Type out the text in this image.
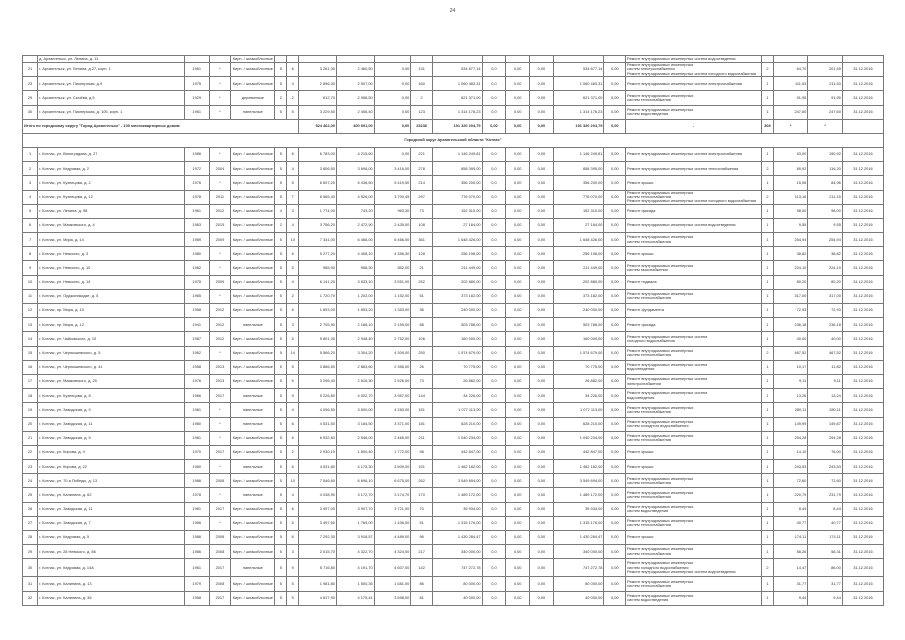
24
	д. Архангельск, ул. Ленина, д. 11			Кирп. / шлакоблочные													Ремонт внутридомовых инженерных систем водоотведения				
21	г. Архангельск, ул. Ленина, д.27, корп. 1	1961	*	Кирп. / шлакоблочные	5	6	3 261,30	2 460,50	0,00	131	534 877,14	0,0	0,00	0,00	534 877,14	0,00	Ремонт внутридомовых инженерных
систем электроснабжения
Ремонт внутридомовых инженерных систем холодного водоснабжения	2	64,70	201,45	31.12.2016
23	г. Архангельск, ул. Пионерская, д.9	1975	*	Кирп. / шлакоблочные	5	4	2 896,30	2 507,00	0,00	160	1 060 483,31	0,0	0,00	0,00	1 060 483,31	0,00	Ремонт внутридомовых инженерных систем электроснабжения	1	111,53	211,53	31.12.2016
29	г. Архангельск, ул. Сычёва, д.5	1929	*	деревянные	2	2	612,70	2 958,50	0,00	2	621 371,00	0,0	0,00	0,00	621 371,00	0,00	Ремонт внутридомовых инженерных
систем теплоснабжения	1	91,95	91,95	31.12.2016
30	г. Архангельск, ул. Пионерская, д. 105, корп. 1	1961	*	панельные	5	5	3 229,50	2 456,40	0,00	123	1 314 176,23	0,0	0,00	0,00	1 314 176,23	0,00	Ремонт внутридомовых инженерных
систем водоотведения	1	247,60	247,60	31.12.2016
Итого по городскому округу "Город Архангельск" - 100 многоквартирных домов:							524 462,00	400 691,00	0,00	23236	191 320 204,79	0,00	0,00	0,00	191 320 204,79	0,00	-	308	*	*	
Городской округ Архангельской области "Котлас"																					
1	г. Котлас, ул. Виноградова, д. 27	1986	*	Кирп. / шлакоблочные	5	6	6 783,00	4 215,60	0,00	221	1 146 249,81	0,0	0,00	0,00	1 146 249,81	0,00	Ремонт внутридомовых инженерных систем электроснабжения	1	93,00	190,92	31.12.2016
2	г. Котлас, ул. Кедровая, д. 2	1972	2004	Кирп. / шлакоблочные	5	4	3 806,50	3 698,00	3 416,00	278	858 395,00	0,0	0,00	0,00	858 395,00	0,00	Ремонт внутридомовых инженерных систем теплоснабжения	2	89,92	116,20	31.12.2016
3	г. Котлас, ул. Кузнецова, д. 2	1976	*	Кирп. / шлакоблочные	5	5	6 507,20	5 436,50	5 419,50	214	356 200,00	0,0	0,00	0,00	356 200,00	0,00	Ремонт крыши	1	15,08	84,96	31.12.2016
4	г. Котлас, ул. Кузнецова, д. 12	1978	2011	Кирп. / шлакоблочные	5	7	6 565,40	4 526,00	3 700,45	297	776 070,00	0,0	0,00	0,00	776 070,00	0,00	Ремонт внутридомовых инженерных
систем теплоснабжения
Ремонт внутридомовых инженерных систем холодного водоснабжения	2	113,16	211,15	31.12.2016
5	г. Котлас, ул. Ленина, д. 98	1961	2012	Кирп. / шлакоблочные	4	3	1 774,00	743,20	963,30	73	152 310,00	0,0	0,00	0,00	152 310,00	0,00	Ремонт фасада	1	98,00	98,00	31.12.2016
6	г. Котлас, ул. Маяковского, д. 4	1963	2015	Кирп. / шлакоблочные	2	4	3 756,20	2 472,90	2 435,00	108	27 164,00	0,0	0,00	0,00	27 164,00	0,00	Ремонт внутридомовых инженерных систем водоотведения	1	9,55	9,55	31.12.2016
7	г. Котлас, ул. Мира, д. 14	1989	2009	Кирп. / шлакоблочные	5	10	7 341,00	6 466,00	6 466,00	361	1 648 426,00	0,0	0,00	0,00	1 648 426,00	0,00	Ремонт внутридомовых инженерных
систем теплоснабжения	1	254,94	254,94	31.12.2016
8	г. Котлас, ул. Невского, д. 3	1980	*	Кирп. / шлакоблочные	5	6	5 277,20	4 408,10	4 356,30	128	256 198,00	0,0	0,00	0,00	256 198,00	0,00	Ремонт крыши	1	38,82	38,82	31.12.2016
9	г. Котлас, ул. Невского, д. 10	1982	*	Кирп. / шлакоблочные	5	5	985,90	958,30	852,00	21	211 449,00	0,0	0,00	0,00	211 449,00	0,00	Ремонт внутридомовых инженерных
систем газоснабжения	1	224,10	224,10	31.12.2016
10	г. Котлас, ул. Невского, д. 14	1975	2009	Кирп. / шлакоблочные	5	4	6 141,20	3 833,10	3 551,00	252	202 880,00	0,0	0,00	0,00	202 880,00	0,00	Ремонт подвала	1	80,20	80,20	31.12.2016
11	г. Котлас, ул. Орджоникидзе, д. 5	1965	*	Кирп. / шлакоблочные	5	2	1 720,70	1 202,00	1 152,00	51	373 182,00	0,0	0,00	0,00	373 182,00	0,00	Ремонт внутридомовых инженерных
систем теплоснабжения	1	317,00	317,00	31.12.2016
12	г. Котлас, пр. Мира, д. 10	1958	2012	Кирп. / шлакоблочные	5	6	1 893,00	1 653,20	1 353,00	36	240 000,00	0,0	0,00	0,00	240 000,00	0,00	Ремонт фундамента	1	72,93	72,93	31.12.2016
13	г. Котлас, пр. Мира, д. 12	1941	2012	панельные	5	3	2 705,90	2 168,10	2 155,00	88	503 788,00	0,0	0,00	0,00	503 788,00	0,00	Ремонт фасада	1	236,18	236,18	31.12.2016
14	г. Котлас, ул. Чайковского, д. 10	1987	2012	Кирп. / шлакоблочные	5	5	5 801,30	2 948,40	2 752,00	106	160 000,00	0,0	0,00	0,00	160 000,00	0,00	Ремонт внутридомовых инженерных систем
холодного водоснабжения	1	40,00	40,00	31.12.2016
15	г. Котлас, ул. Чернышевского, д. 5	1962	*	Кирп. / шлакоблочные	5	14	5 566,20	3 304,20	4 309,00	250	1 574 679,00	0,0	0,00	0,00	1 574 679,00	0,00	Ремонт внутридомовых инженерных
систем теплоснабжения	2	467,52	467,52	31.12.2016
16	г. Котлас, ул. Чернышевского, д. 41	1958	2013	Кирп. / шлакоблочные	5	5	3 866,50	2 863,60	2 356,00	26	70 775,00	0,0	0,00	0,00	70 775,00	0,00	Ремонт внутридомовых инженерных систем
водоотведения	1	10,17	11,82	31.12.2016
17	г. Котлас, ул. Маяковского, д. 25	1976	2013	Кирп. / шлакоблочные	5	5	3 296,40	2 616,30	2 526,00	73	26 882,00	0,0	0,00	0,00	26 882,00	0,00	Ремонт внутридомовых инженерных систем
электроснабжения	1	9,11	9,11	31.12.2016
18	г. Котлас, ул. Кузнецова, д. 8	1966	2017	панельные	5	9	5 226,80	4 002,70	3 957,00	144	34 226,00	0,0	0,00	0,00	34 226,00	0,00	Ремонт внутридомовых инженерных систем
водоотведения	1	13,26	13,24	31.12.2016
19	г. Котлас, ул. Заводская, д. 9	1981	*	панельные	5	4	4 096,50	3 600,00	4 283,00	151	1 077 113,00	0,0	0,00	0,00	1 077 113,00	0,00	Ремонт внутридомовых инженерных
систем теплоснабжения	1	280,11	280,11	31.12.2016
20	г. Котлас, ул. Заводская, д. 11	1980	*	панельные	5	6	4 531,50	3 184,50	3 371,00	181	628 210,00	0,0	0,00	0,00	628 210,00	0,00	Ремонт внутридомовых инженерных
систем холодного водоснабжения	1	149,99	149,87	31.12.2016
21	г. Котлас, ул. Заводская, д. 5	1961	*	Кирп. / шлакоблочные	5	6	6 932,60	2 546,00	2 465,00	211	1 040 234,00	0,0	0,00	0,00	1 040 234,00	0,00	Ремонт внутридомовых инженерных
систем теплоснабжения	1	294,28	294,28	31.12.2016
22	г. Котлас, ул. Кирова, д. 4	1970	2017	Кирп. / шлакоблочные	5	2	2 930,10	1 800,40	1 772,00	98	442 847,00	0,0	0,00	0,00	442 847,00	0,00	Ремонт крыши	1	14,10	76,00	31.12.2016
23	г. Котлас, ул. Кирова, д. 22	1980	*	панельные	5	6	4 531,80	4 175,30	3 509,00	151	1 462 182,00	0,0	0,00	0,00	1 462 182,00	0,00	Ремонт крыши	1	243,53	243,53	31.12.2016
24	г. Котлас, ул. 70-я Победы, д. 13	1986	2008	Кирп. / шлакоблочные	5	10	7 546,60	6 696,10	6 675,00	262	3 549 694,00	0,0	0,00	0,00	3 549 694,00	0,00	Ремонт внутридомовых инженерных
систем теплоснабжения	1	72,60	72,60	31.12.2016
25	г. Котлас, ул. Калинина, д. 62	1978	*	панельные	5	4	4 038,90	3 172,70	3 174,70	170	1 489 172,00	0,0	0,00	0,00	1 489 172,00	0,00	Ремонт внутридомовых инженерных
систем теплоснабжения	1	220,79	231,79	31.12.2016
26	г. Котлас, ул. Заводская, д. 11	1981	2017	Кирп. / шлакоблочные	5	6	3 497,00	3 907,70	3 721,00	70	35 934,00	0,0	0,00	0,00	35 934,00	0,00	Ремонт внутридомовых инженерных
систем водоотведения	1	8,44	8,44	31.12.2016
27	г. Котлас, ул. Заводская, д. 7	1956	*	Кирп. / шлакоблочные	5	5	3 497,60	1 769,00	1 436,00	51	1 315 176,00	0,0	0,00	0,00	1 315 176,00	0,00	Ремонт внутридомовых инженерных
систем теплоснабжения	1	40,77	40,77	31.12.2016
28	г. Котлас, ул. Кедровая, д. 5	1986	2008	Кирп. / шлакоблочные	5	6	7 292,30	3 918,57	4 489,00	96	1 430 284,47	0,0	0,00	0,00	1 430 284,47	0,00	Ремонт крыши	1	174,11	174,11	31.12.2016
29	г. Котлас, ул. 28 Невского, д. 86	1986	2008	Кирп. / шлакоблочные	5	3	2 015,70	4 322,70	4 324,00	217	340 000,00	0,0	0,00	0,00	340 000,00	0,00	Ремонт внутридомовых инженерных
систем теплоснабжения	1	58,26	58,31	31.12.2016
30	г. Котлас, ул. Кедровая, д. 14А	1961	2017	панельные	5	9	5 716,80	4 191,70	4 607,00	142	747 272,78	0,0	0,00	0,00	747 272,78	0,00	Ремонт внутридомовых инженерных
систем холодного водоснабжения
Ремонт внутридомовых инженерных систем водоотведения	2	14,47	86,00	31.12.2016
31	г. Котлас, ул. Калинина, д. 13	1979	2008	Кирп. / шлакоблочные	5	5	1 981,80	1 500,35	1 681,00	86	80 000,00	0,0	0,00	0,00	80 000,00	0,00	Ремонт внутридомовых инженерных
систем теплоснабжения	1	31,77	31,77	31.12.2016
32	г. Котлас, ул. Калинина, д. 36	1958	2017	Кирп. / шлакоблочные	5	5	4 817,90	4 175,41	3 598,00	81	40 000,00	0,0	0,00	0,00	40 000,00	0,00	Ремонт внутридомовых инженерных
систем водоотведения	1	9,44	9,44	31.12.2016
